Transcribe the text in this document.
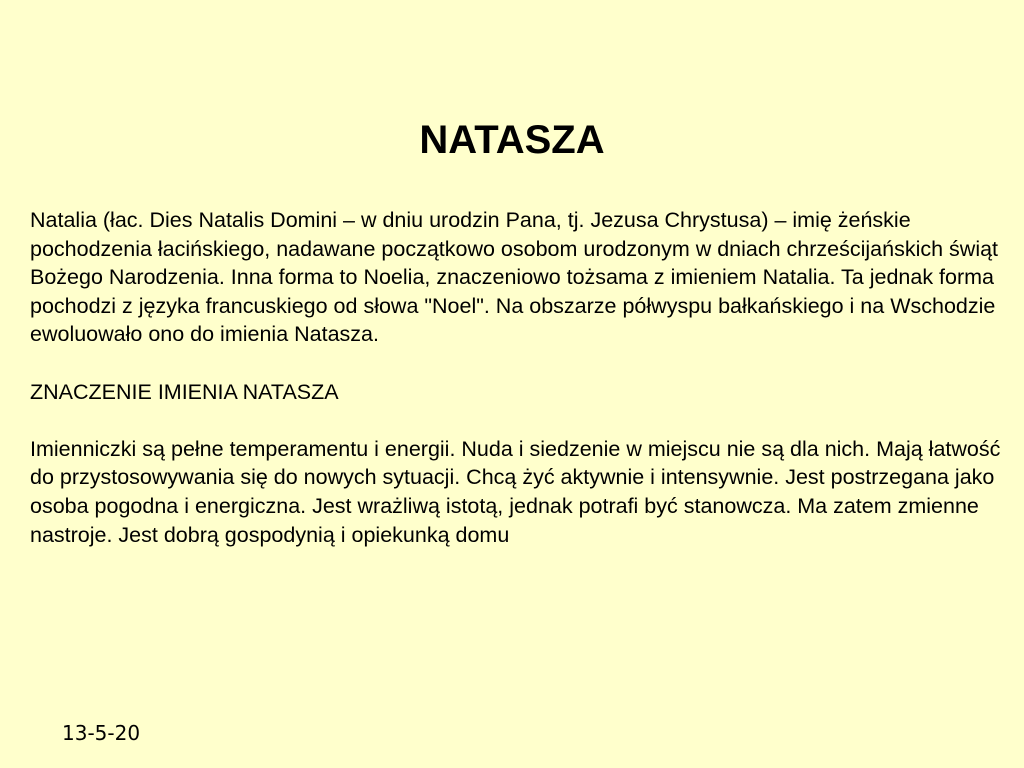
NATASZA

Natalia (łac. Dies Natalis Domini – w dniu urodzin Pana, tj. Jezusa Chrystusa) – imię żeńskie pochodzenia łacińskiego, nadawane początkowo osobom urodzonym w dniach chrześcijańskich świąt Bożego Narodzenia. Inna forma to Noelia, znaczeniowo tożsama z imieniem Natalia. Ta jednak forma pochodzi z języka francuskiego od słowa "Noel". Na obszarze półwyspu bałkańskiego i na Wschodzie ewoluowało ono do imienia Natasza.

ZNACZENIE IMIENIA NATASZA

Imienniczki są pełne temperamentu i energii. Nuda i siedzenie w miejscu nie są dla nich. Mają łatwość do przystosowywania się do nowych sytuacji. Chcą żyć aktywnie i intensywnie. Jest postrzegana jako osoba pogodna i energiczna. Jest wrażliwą istotą, jednak potrafi być stanowcza. Ma zatem zmienne nastroje. Jest dobrą gospodynią i opiekunką domu

13-5-20
